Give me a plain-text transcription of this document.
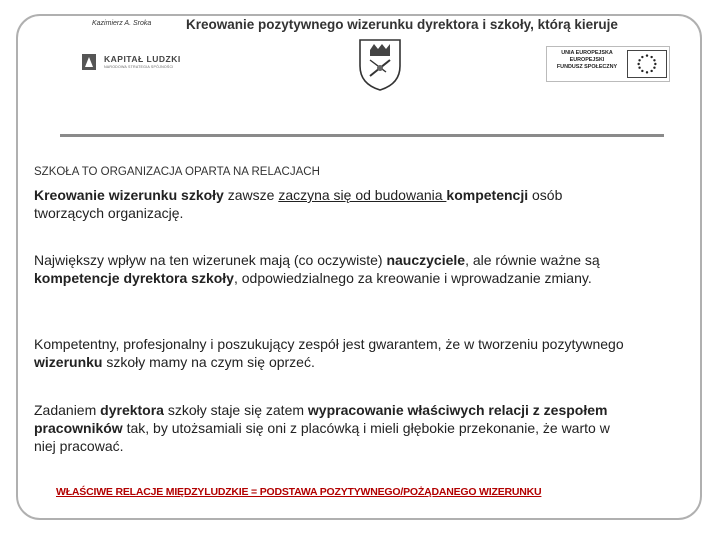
Kazimierz A. Srokа	Kreowanie pozytywnego wizerunku dyrektora i szkoły, którą kieruje
KAPITAŁ LUDZKI
NARODOWA STRATEGIA SPÓJNOŚCI
UNIA EUROPEJSKA
EUROPEJSKI
FUNDUSZ SPOŁECZNY
SZKOŁA TO ORGANIZACJA OPARTA NA RELACJACH
Kreowanie wizerunku szkoły zawsze zaczyna się od budowania kompetencji osób tworzących organizację.
Największy wpływ na ten wizerunek mają (co oczywiste) nauczyciele, ale równie ważne są kompetencje dyrektora szkoły, odpowiedzialnego za kreowanie i wprowadzanie zmiany.
Kompetentny, profesjonalny i poszukujący zespół jest gwarantem, że w tworzeniu pozytywnego wizerunku szkoły mamy na czym się oprzeć.
Zadaniem dyrektora szkoły staje się zatem wypracowanie właściwych relacji z zespołem pracowników tak, by utożsamiali się oni z placówką i mieli głębokie przekonanie, że warto w niej pracować.
WŁAŚCIWE RELACJE MIĘDZYLUDZKIE = PODSTAWA POZYTYWNEGO/POŻĄDANEGO WIZERUNKU
